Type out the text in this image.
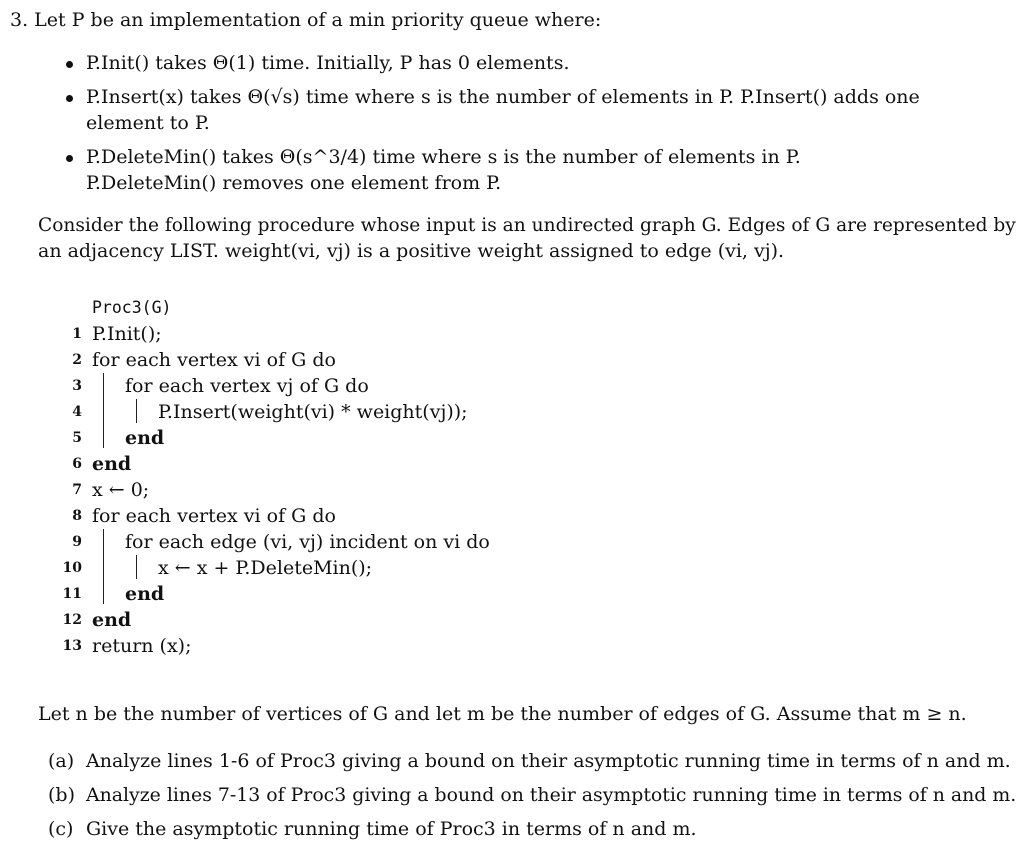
3. Let P be an implementation of a min priority queue where:
P.Init() takes Θ(1) time. Initially, P has 0 elements.
P.Insert(x) takes Θ(√s) time where s is the number of elements in P. P.Insert() adds one
element to P.
P.DeleteMin() takes Θ(s^3/4) time where s is the number of elements in P.
P.DeleteMin() removes one element from P.
Consider the following procedure whose input is an undirected graph G. Edges of G are represented by
an adjacency LIST. weight(vi, vj) is a positive weight assigned to edge (vi, vj).
Proc3(G)
1 P.Init();
2 for each vertex vi of G do
3 for each vertex vj of G do
4	P.Insert(weight(vi) * weight(vj));
5 end
6 end
7 x ← 0;
8 for each vertex vi of G do
9 for each edge (vi, vj) incident on vi do
10	x ← x + P.DeleteMin();
11 end
12 end
13 return (x);
Let n be the number of vertices of G and let m be the number of edges of G. Assume that m ≥ n.
(a) Analyze lines 1-6 of Proc3 giving a bound on their asymptotic running time in terms of n and m.
(b) Analyze lines 7-13 of Proc3 giving a bound on their asymptotic running time in terms of n and m.
(c) Give the asymptotic running time of Proc3 in terms of n and m.
